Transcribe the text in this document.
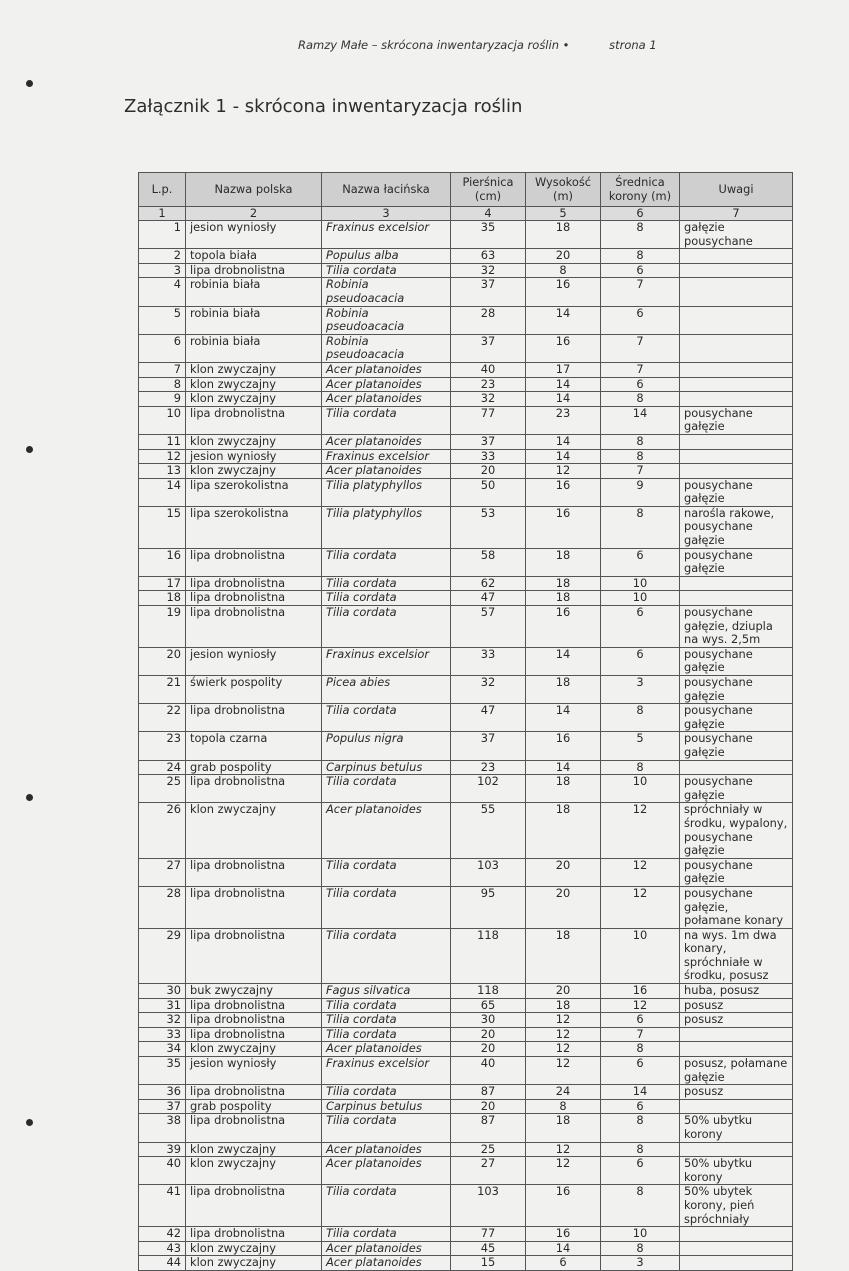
Ramzy Małe – skrócona inwentaryzacja roślin •	strona 1
Załącznik 1 - skrócona inwentaryzacja roślin
L.p.	Nazwa polska	Nazwa łacińska	Pierśnica (cm)	Wysokość (m)	Średnica korony (m)	Uwagi
1	2	3	4	5	6	7
1	jesion wyniosły	Fraxinus excelsior	35	18	8	gałęzie pousychane
2	topola biała	Populus alba	63	20	8	
3	lipa drobnolistna	Tilia cordata	32	8	6	
4	robinia biała	Robinia pseudoacacia	37	16	7	
5	robinia biała	Robinia pseudoacacia	28	14	6	
6	robinia biała	Robinia pseudoacacia	37	16	7	
7	klon zwyczajny	Acer platanoides	40	17	7	
8	klon zwyczajny	Acer platanoides	23	14	6	
9	klon zwyczajny	Acer platanoides	32	14	8	
10	lipa drobnolistna	Tilia cordata	77	23	14	pousychane gałęzie
11	klon zwyczajny	Acer platanoides	37	14	8	
12	jesion wyniosły	Fraxinus excelsior	33	14	8	
13	klon zwyczajny	Acer platanoides	20	12	7	
14	lipa szerokolistna	Tilia platyphyllos	50	16	9	pousychane gałęzie
15	lipa szerokolistna	Tilia platyphyllos	53	16	8	narośla rakowe, pousychane gałęzie
16	lipa drobnolistna	Tilia cordata	58	18	6	pousychane gałęzie
17	lipa drobnolistna	Tilia cordata	62	18	10	
18	lipa drobnolistna	Tilia cordata	47	18	10	
19	lipa drobnolistna	Tilia cordata	57	16	6	pousychane gałęzie, dziupla na wys. 2,5m
20	jesion wyniosły	Fraxinus excelsior	33	14	6	pousychane gałęzie
21	świerk pospolity	Picea abies	32	18	3	pousychane gałęzie
22	lipa drobnolistna	Tilia cordata	47	14	8	pousychane gałęzie
23	topola czarna	Populus nigra	37	16	5	pousychane gałęzie
24	grab pospolity	Carpinus betulus	23	14	8	
25	lipa drobnolistna	Tilia cordata	102	18	10	pousychane gałęzie
26	klon zwyczajny	Acer platanoides	55	18	12	spróchniały w środku, wypalony, pousychane gałęzie
27	lipa drobnolistna	Tilia cordata	103	20	12	pousychane gałęzie
28	lipa drobnolistna	Tilia cordata	95	20	12	pousychane gałęzie, połamane konary
29	lipa drobnolistna	Tilia cordata	118	18	10	na wys. 1m dwa konary, spróchniałe w środku, posusz
30	buk zwyczajny	Fagus silvatica	118	20	16	huba, posusz
31	lipa drobnolistna	Tilia cordata	65	18	12	posusz
32	lipa drobnolistna	Tilia cordata	30	12	6	posusz
33	lipa drobnolistna	Tilia cordata	20	12	7	
34	klon zwyczajny	Acer platanoides	20	12	8	
35	jesion wyniosły	Fraxinus excelsior	40	12	6	posusz, połamane gałęzie
36	lipa drobnolistna	Tilia cordata	87	24	14	posusz
37	grab pospolity	Carpinus betulus	20	8	6	
38	lipa drobnolistna	Tilia cordata	87	18	8	50% ubytku korony
39	klon zwyczajny	Acer platanoides	25	12	8	
40	klon zwyczajny	Acer platanoides	27	12	6	50% ubytku korony
41	lipa drobnolistna	Tilia cordata	103	16	8	50% ubytek korony, pień spróchniały
42	lipa drobnolistna	Tilia cordata	77	16	10	
43	klon zwyczajny	Acer platanoides	45	14	8	
44	klon zwyczajny	Acer platanoides	15	6	3	
